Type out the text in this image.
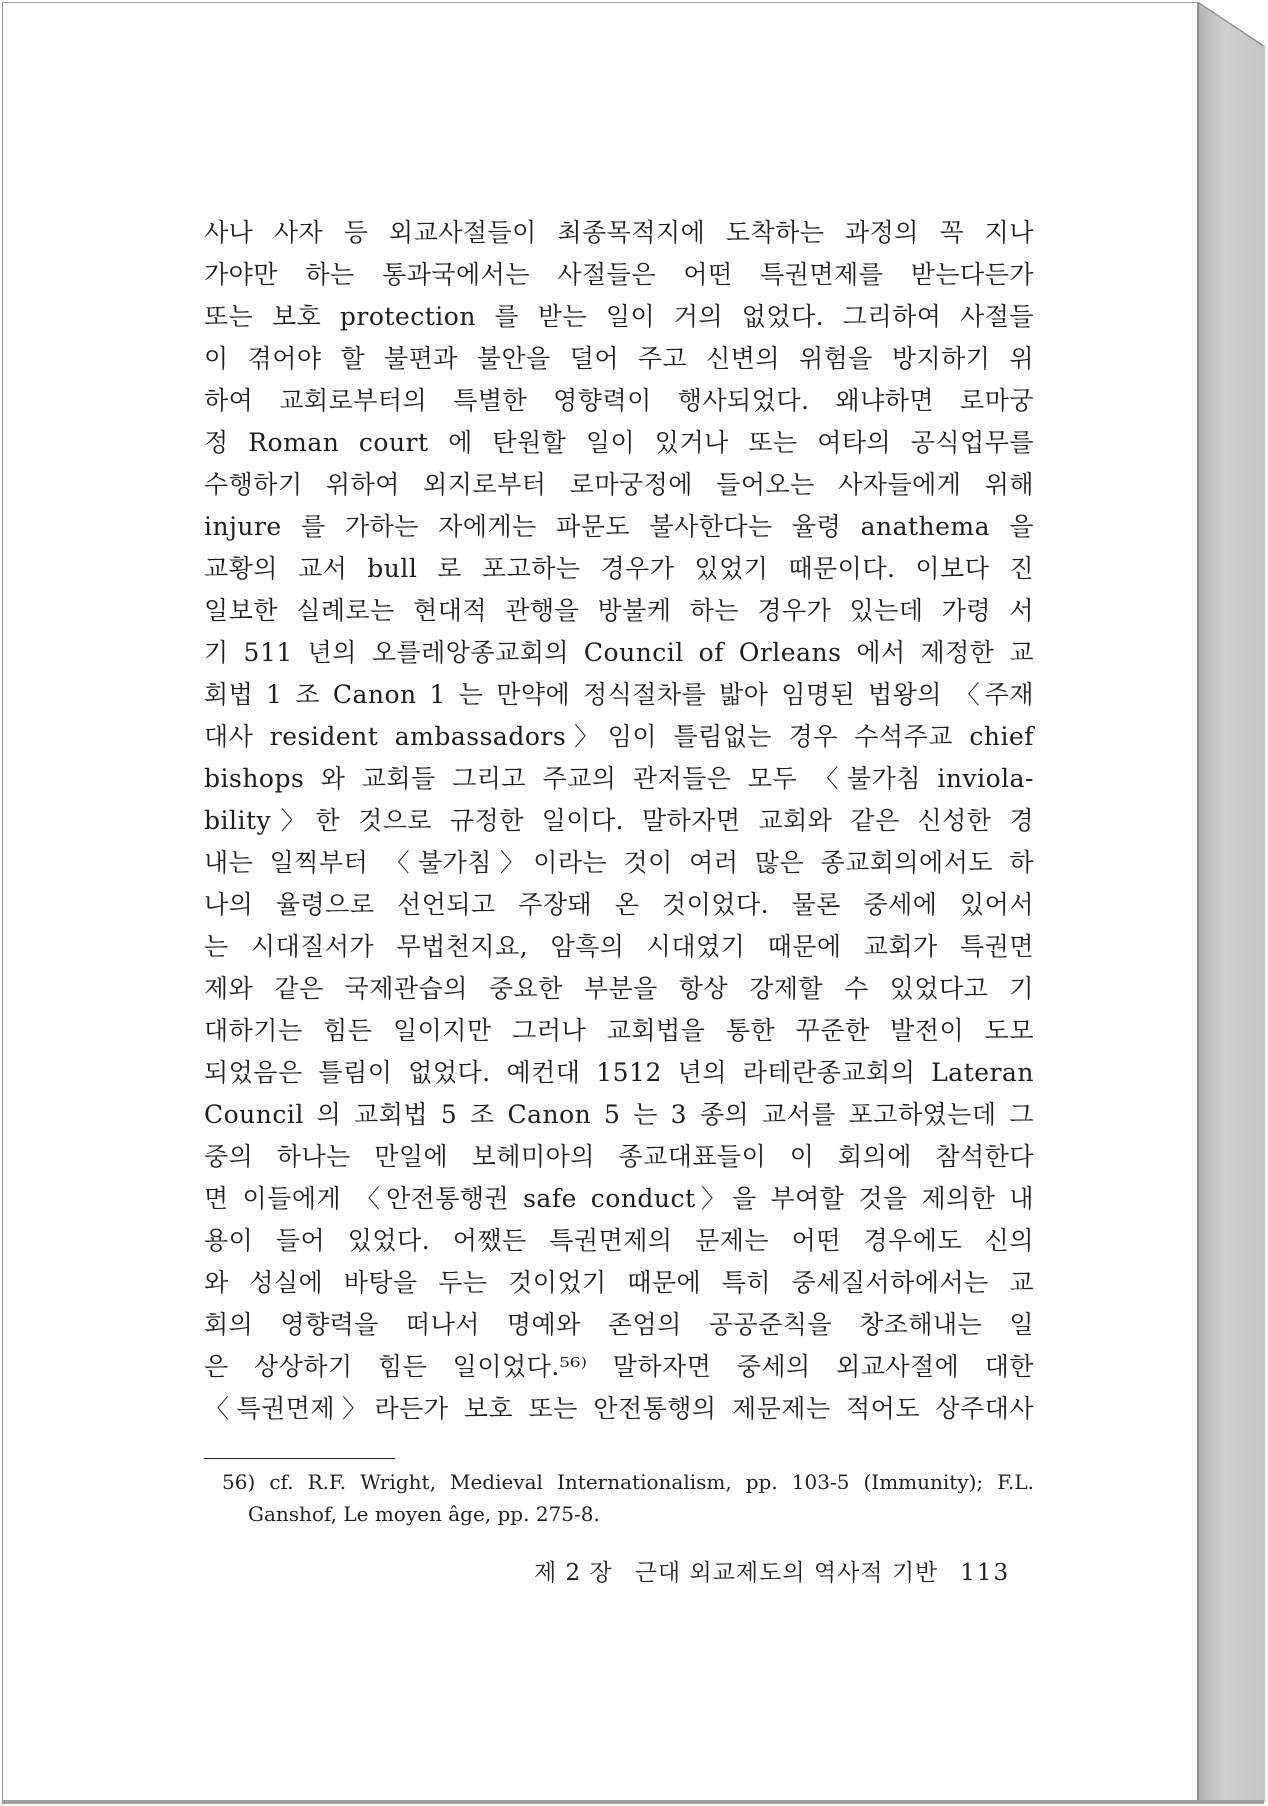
사나 사자 등 외교사절들이 최종목적지에 도착하는 과정의 꼭 지나
가야만 하는 통과국에서는 사절들은 어떤 특권면제를 받는다든가
또는 보호 protection 를 받는 일이 거의 없었다. 그리하여 사절들
이 겪어야 할 불편과 불안을 덜어 주고 신변의 위험을 방지하기 위
하여 교회로부터의 특별한 영향력이 행사되었다. 왜냐하면 로마궁
정 Roman court 에 탄원할 일이 있거나 또는 여타의 공식업무를
수행하기 위하여 외지로부터 로마궁정에 들어오는 사자들에게 위해
injure 를 가하는 자에게는 파문도 불사한다는 율령 anathema 을
교황의 교서 bull 로 포고하는 경우가 있었기 때문이다. 이보다 진
일보한 실례로는 현대적 관행을 방불케 하는 경우가 있는데 가령 서
기 511 년의 오를레앙종교회의 Council of Orleans 에서 제정한 교
회법 1 조 Canon 1 는 만약에 정식절차를 밟아 임명된 법왕의 〈주재
대사 resident ambassadors〉임이 틀림없는 경우 수석주교 chief
bishops 와 교회들 그리고 주교의 관저들은 모두 〈불가침 inviola-
bility〉한 것으로 규정한 일이다. 말하자면 교회와 같은 신성한 경
내는 일찍부터 〈불가침〉이라는 것이 여러 많은 종교회의에서도 하
나의 율령으로 선언되고 주장돼 온 것이었다. 물론 중세에 있어서
는 시대질서가 무법천지요, 암흑의 시대였기 때문에 교회가 특권면
제와 같은 국제관습의 중요한 부분을 항상 강제할 수 있었다고 기
대하기는 힘든 일이지만 그러나 교회법을 통한 꾸준한 발전이 도모
되었음은 틀림이 없었다. 예컨대 1512 년의 라테란종교회의 Lateran
Council 의 교회법 5 조 Canon 5 는 3 종의 교서를 포고하였는데 그
중의 하나는 만일에 보헤미아의 종교대표들이 이 회의에 참석한다
면 이들에게 〈안전통행권 safe conduct〉을 부여할 것을 제의한 내
용이 들어 있었다. 어쨌든 특권면제의 문제는 어떤 경우에도 신의
와 성실에 바탕을 두는 것이었기 때문에 특히 중세질서하에서는 교
회의 영향력을 떠나서 명예와 존엄의 공공준칙을 창조해내는 일
은 상상하기 힘든 일이었다.⁵⁶⁾ 말하자면 중세의 외교사절에 대한
〈특권면제〉라든가 보호 또는 안전통행의 제문제는 적어도 상주대사
56) cf. R.F. Wright, Medieval Internationalism, pp. 103-5 (Immunity); F.L.
Ganshof, Le moyen âge, pp. 275-8.
제 2 장 근대 외교제도의 역사적 기반 113
